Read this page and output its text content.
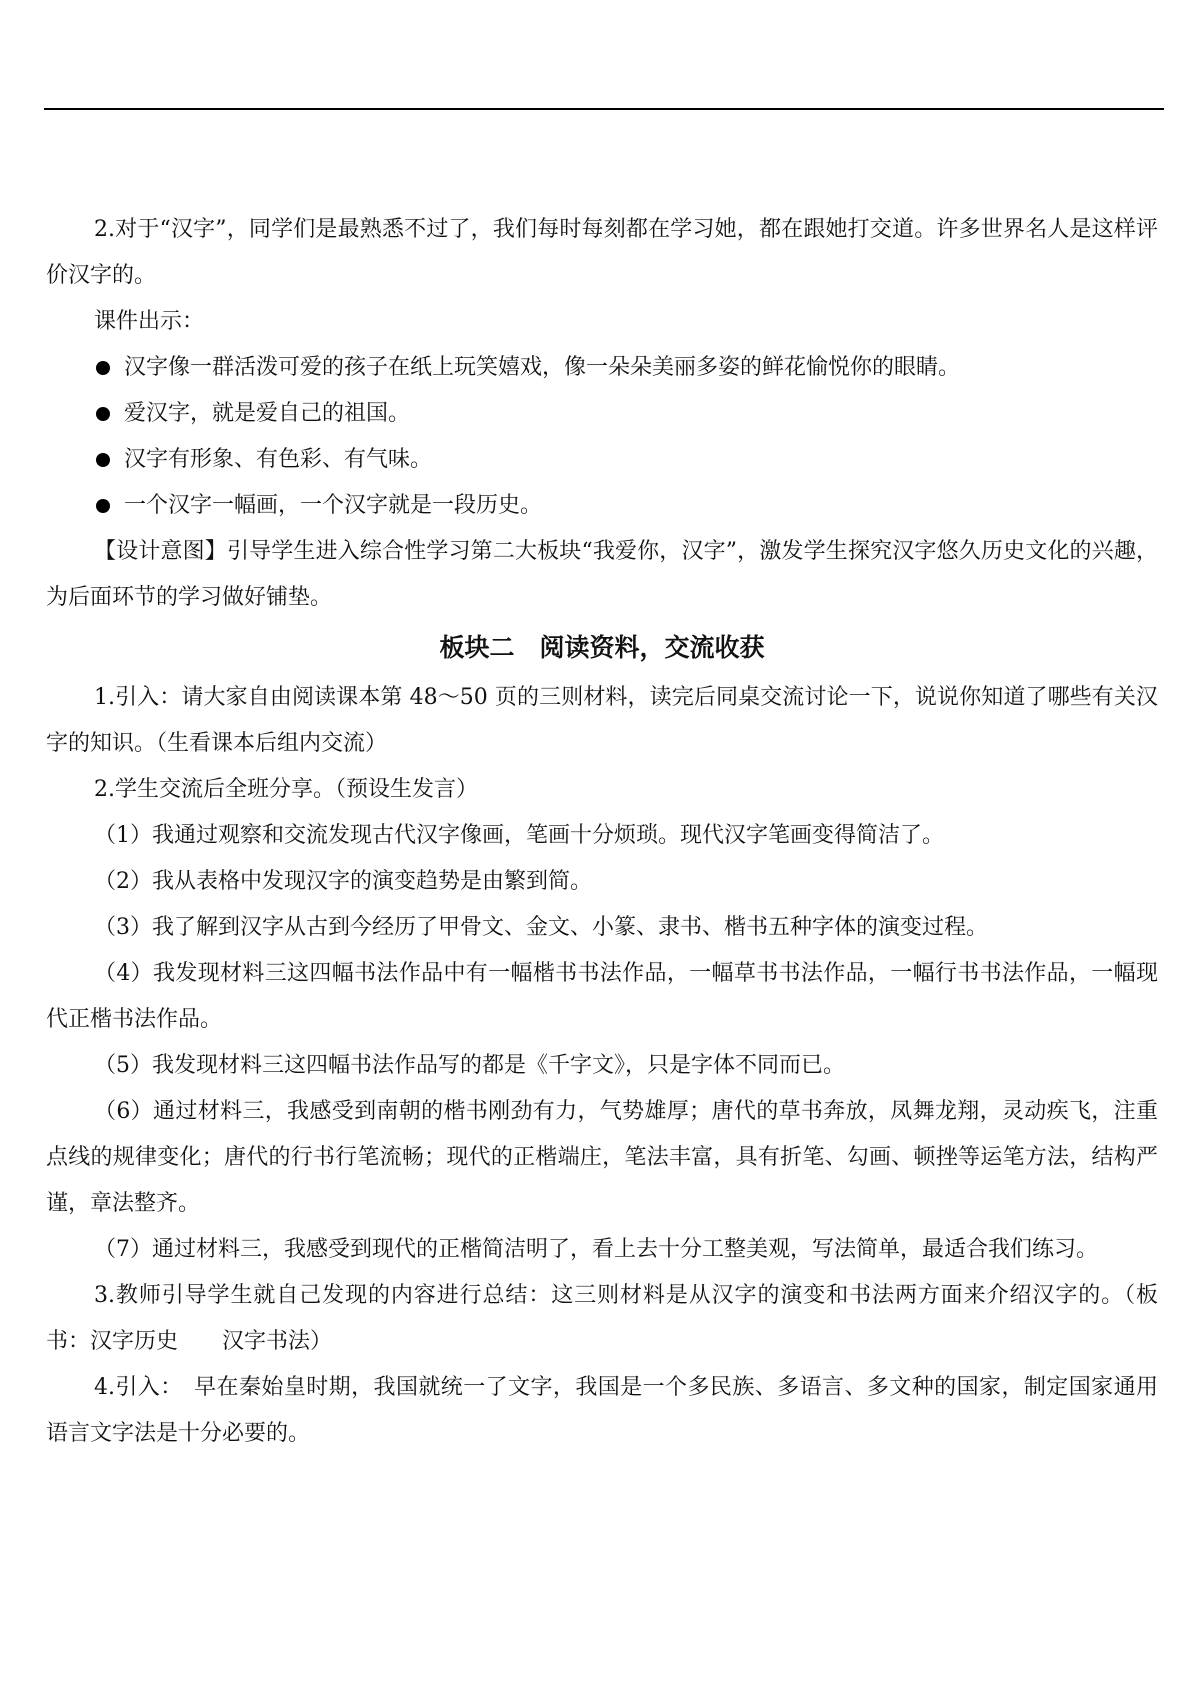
2.对于“汉字”，同学们是最熟悉不过了，我们每时每刻都在学习她，都在跟她打交道。许多世界名人是这样评价汉字的。

课件出示：

汉字像一群活泼可爱的孩子在纸上玩笑嬉戏，像一朵朵美丽多姿的鲜花愉悦你的眼睛。

爱汉字，就是爱自己的祖国。

汉字有形象、有色彩、有气味。

一个汉字一幅画，一个汉字就是一段历史。

【设计意图】引导学生进入综合性学习第二大板块“我爱你，汉字”，激发学生探究汉字悠久历史文化的兴趣，为后面环节的学习做好铺垫。

板块二　阅读资料，交流收获

1.引入：请大家自由阅读课本第 48～50 页的三则材料，读完后同桌交流讨论一下，说说你知道了哪些有关汉字的知识。（生看课本后组内交流）

2.学生交流后全班分享。（预设生发言）

（1）我通过观察和交流发现古代汉字像画，笔画十分烦琐。现代汉字笔画变得简洁了。

（2）我从表格中发现汉字的演变趋势是由繁到简。

（3）我了解到汉字从古到今经历了甲骨文、金文、小篆、隶书、楷书五种字体的演变过程。

（4）我发现材料三这四幅书法作品中有一幅楷书书法作品，一幅草书书法作品，一幅行书书法作品，一幅现代正楷书法作品。

（5）我发现材料三这四幅书法作品写的都是《千字文》，只是字体不同而已。

（6）通过材料三，我感受到南朝的楷书刚劲有力，气势雄厚；唐代的草书奔放，凤舞龙翔，灵动疾飞，注重点线的规律变化；唐代的行书行笔流畅；现代的正楷端庄，笔法丰富，具有折笔、勾画、顿挫等运笔方法，结构严谨，章法整齐。

（7）通过材料三，我感受到现代的正楷简洁明了，看上去十分工整美观，写法简单，最适合我们练习。

3.教师引导学生就自己发现的内容进行总结：这三则材料是从汉字的演变和书法两方面来介绍汉字的。（板书：汉字历史　　汉字书法）

4.引入：　早在秦始皇时期，我国就统一了文字，我国是一个多民族、多语言、多文种的国家，制定国家通用语言文字法是十分必要的。
